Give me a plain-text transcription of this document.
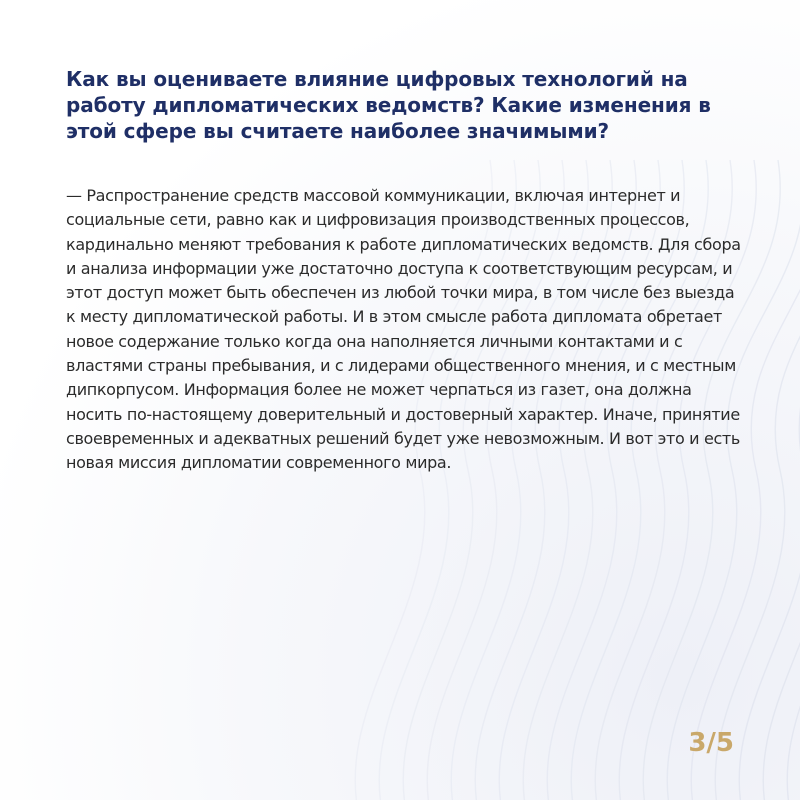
Как вы оцениваете влияние цифровых технологий на работу дипломатических ведомств? Какие изменения в этой сфере вы считаете наиболее значимыми?

— Распространение средств массовой коммуникации, включая интернет и социальные сети, равно как и цифровизация производственных процессов, кардинально меняют требования к работе дипломатических ведомств. Для сбора и анализа информации уже достаточно доступа к соответствующим ресурсам, и этот доступ может быть обеспечен из любой точки мира, в том числе без выезда к месту дипломатической работы. И в этом смысле работа дипломата обретает новое содержание только когда она наполняется личными контактами и с властями страны пребывания, и с лидерами общественного мнения, и с местным дипкорпусом. Информация более не может черпаться из газет, она должна носить по-настоящему доверительный и достоверный характер. Иначе, принятие своевременных и адекватных решений будет уже невозможным. И вот это и есть новая миссия дипломатии современного мира.

3/5
